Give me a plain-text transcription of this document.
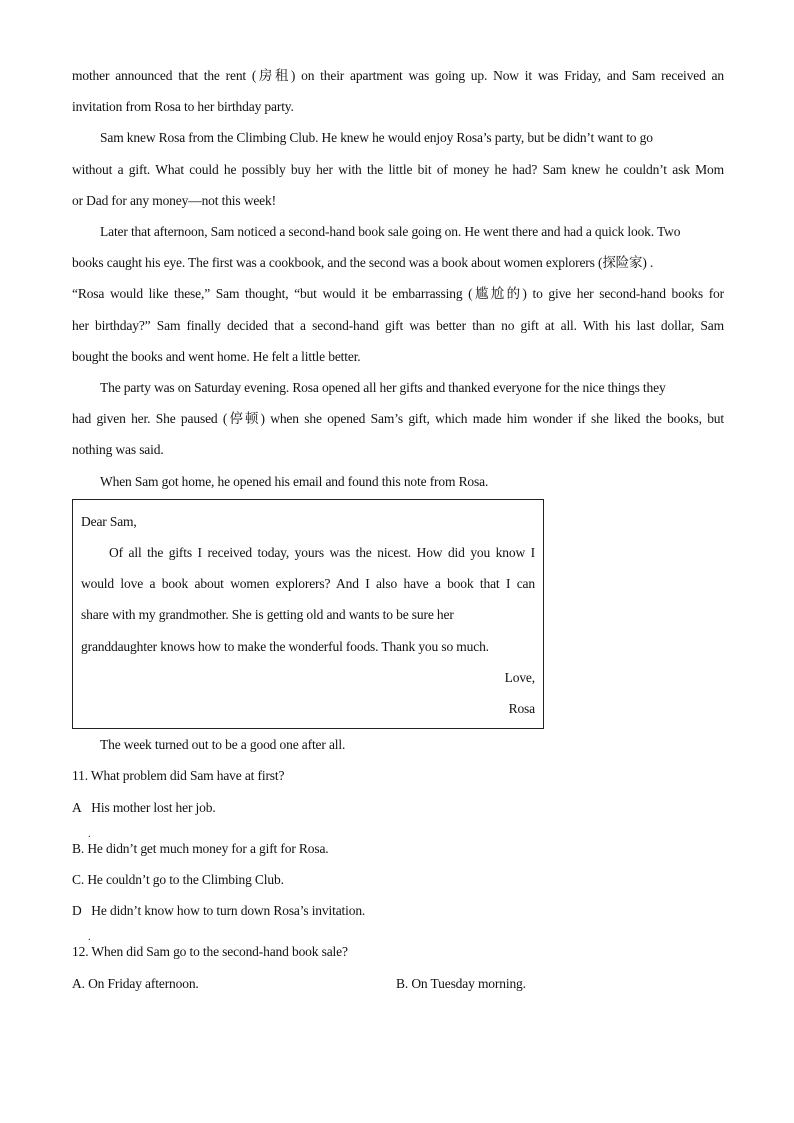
mother announced that the rent (房租) on their apartment was going up. Now it was Friday, and Sam received an
invitation from Rosa to her birthday party.
Sam knew Rosa from the Climbing Club. He knew he would enjoy Rosa’s party, but be didn’t want to go
without a gift. What could he possibly buy her with the little bit of money he had? Sam knew he couldn’t ask Mom
or Dad for any money—not this week!
Later that afternoon, Sam noticed a second-hand book sale going on. He went there and had a quick look. Two
books caught his eye. The first was a cookbook, and the second was a book about women explorers (探险家) .
“Rosa would like these,” Sam thought, “but would it be embarrassing (尴尬的) to give her second-hand books for
her birthday?” Sam finally decided that a second-hand gift was better than no gift at all. With his last dollar, Sam
bought the books and went home. He felt a little better.
The party was on Saturday evening. Rosa opened all her gifts and thanked everyone for the nice things they
had given her. She paused (停顿) when she opened Sam’s gift, which made him wonder if she liked the books, but
nothing was said.
When Sam got home, he opened his email and found this note from Rosa.
Dear Sam,
Of all the gifts I received today, yours was the nicest. How did you know I
would love a book about women explorers? And I also have a book that I can
share with my grandmother. She is getting old and wants to be sure her
granddaughter knows how to make the wonderful foods. Thank you so much.
Love,
Rosa
The week turned out to be a good one after all.
11. What problem did Sam have at first?
A His mother lost her job.
B. He didn’t get much money for a gift for Rosa.
C. He couldn’t go to the Climbing Club.
D He didn’t know how to turn down Rosa’s invitation.
12. When did Sam go to the second-hand book sale?
A. On Friday afternoon.	B. On Tuesday morning.
